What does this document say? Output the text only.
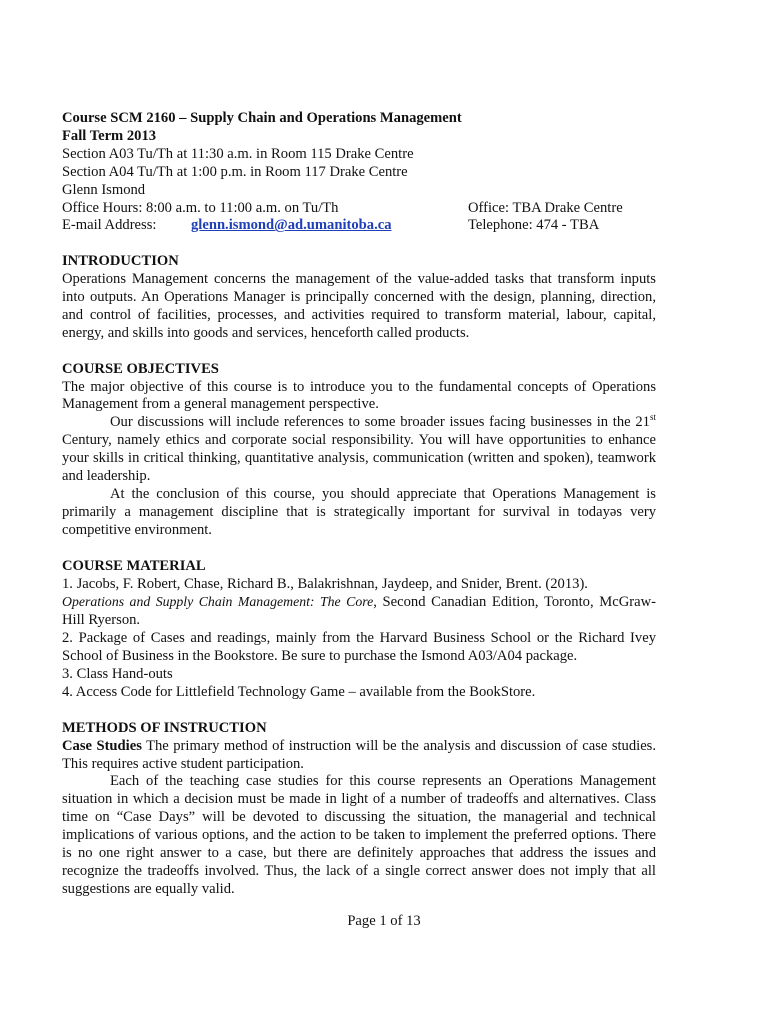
Course SCM 2160 – Supply Chain and Operations Management
Fall Term 2013
Section A03 Tu/Th at 11:30 a.m. in Room 115 Drake Centre
Section A04 Tu/Th at 1:00 p.m. in Room 117 Drake Centre
Glenn Ismond
Office Hours: 8:00 a.m. to 11:00 a.m. on Tu/Th	Office: TBA Drake Centre
E-mail Address: glenn.ismond@ad.umanitoba.ca	Telephone: 474 - TBA
INTRODUCTION
Operations Management concerns the management of the value-added tasks that transform inputs into outputs. An Operations Manager is principally concerned with the design, planning, direction, and control of facilities, processes, and activities required to transform material, labour, capital, energy, and skills into goods and services, henceforth called products.
COURSE OBJECTIVES
The major objective of this course is to introduce you to the fundamental concepts of Operations Management from a general management perspective.
Our discussions will include references to some broader issues facing businesses in the 21st Century, namely ethics and corporate social responsibility. You will have opportunities to enhance your skills in critical thinking, quantitative analysis, communication (written and spoken), teamwork and leadership.
At the conclusion of this course, you should appreciate that Operations Management is primarily a management discipline that is strategically important for survival in todayəs very competitive environment.
COURSE MATERIAL
1. Jacobs, F. Robert, Chase, Richard B., Balakrishnan, Jaydeep, and Snider, Brent. (2013).
Operations and Supply Chain Management: The Core, Second Canadian Edition, Toronto, McGraw-Hill Ryerson.
2. Package of Cases and readings, mainly from the Harvard Business School or the Richard Ivey School of Business in the Bookstore. Be sure to purchase the Ismond A03/A04 package.
3. Class Hand-outs
4. Access Code for Littlefield Technology Game – available from the BookStore.
METHODS OF INSTRUCTION
Case Studies The primary method of instruction will be the analysis and discussion of case studies. This requires active student participation.
Each of the teaching case studies for this course represents an Operations Management situation in which a decision must be made in light of a number of tradeoffs and alternatives. Class time on “Case Days” will be devoted to discussing the situation, the managerial and technical implications of various options, and the action to be taken to implement the preferred options. There is no one right answer to a case, but there are definitely approaches that address the issues and recognize the tradeoffs involved. Thus, the lack of a single correct answer does not imply that all suggestions are equally valid.
Page 1 of 13
